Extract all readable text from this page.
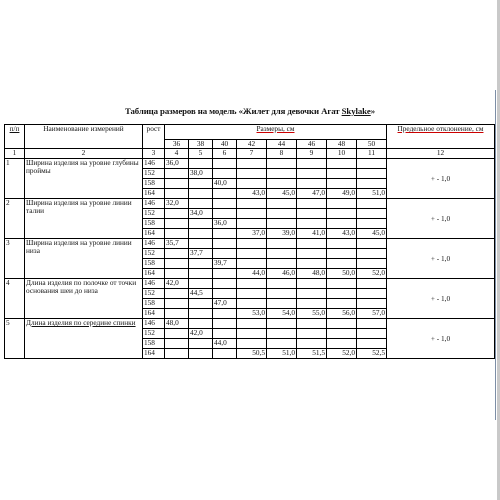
Таблица размеров на модель «Жилет для девочки Агат Skylake»
п/п	Наименование измерений	рост	Размеры, см								Предельное отклонение, см
			36	38	40	42	44	46	48	50	
1	2	3	4	5	6	7	8	9	10	11	12
1	Ширина изделия на уровне глубины проймы	146	36,0								+ - 1,0
		152		38,0							
		158			40,0						
		164				43,0	45,0	47,0	49,0	51,0	
2	Ширина изделия на уровне линии талии	146	32,0								+ - 1,0
		152		34,0							
		158			36,0						
		164				37,0	39,0	41,0	43,0	45,0	
3	Ширина изделия на уровне линии низа	146	35,7								+ - 1,0
		152		37,7							
		158			39,7						
		164				44,0	46,0	48,0	50,0	52,0	
4	Длина изделия по полочке от точки основания шеи до низа	146	42,0								+ - 1,0
		152		44,5							
		158			47,0						
		164				53,0	54,0	55,0	56,0	57,0	
5	Длина изделия по середине спинки	146	48,0								+ - 1,0
		152		42,0							
		158			44,0						
		164				50,5	51,0	51,5	52,0	52,5	
